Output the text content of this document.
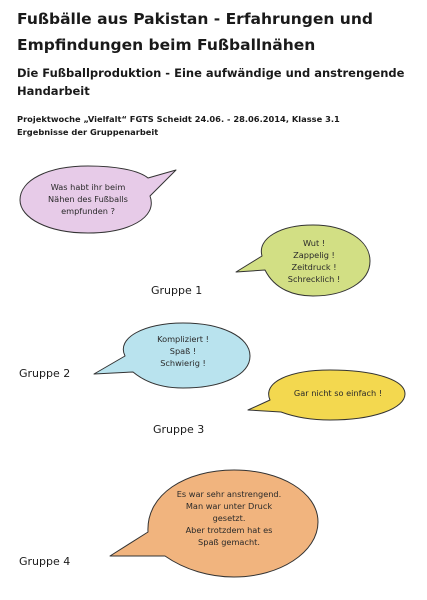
Fußbälle aus Pakistan - Erfahrungen und Empfindungen beim Fußballnähen
Die Fußballproduktion - Eine aufwändige und anstrengende Handarbeit
Projektwoche „Vielfalt“ FGTS Scheidt 24.06. - 28.06.2014, Klasse 3.1
Ergebnisse der Gruppenarbeit
Was habt ihr beim
Nähen des Fußballs
empfunden ?
Wut !
Zappelig !
Zeitdruck !
Schrecklich !
Gruppe 1
Kompliziert !
Spaß !
Schwierig !
Gruppe 2
Gar nicht so einfach !
Gruppe 3
Es war sehr anstrengend.
Man war unter Druck
gesetzt.
Aber trotzdem hat es
Spaß gemacht.
Gruppe 4
